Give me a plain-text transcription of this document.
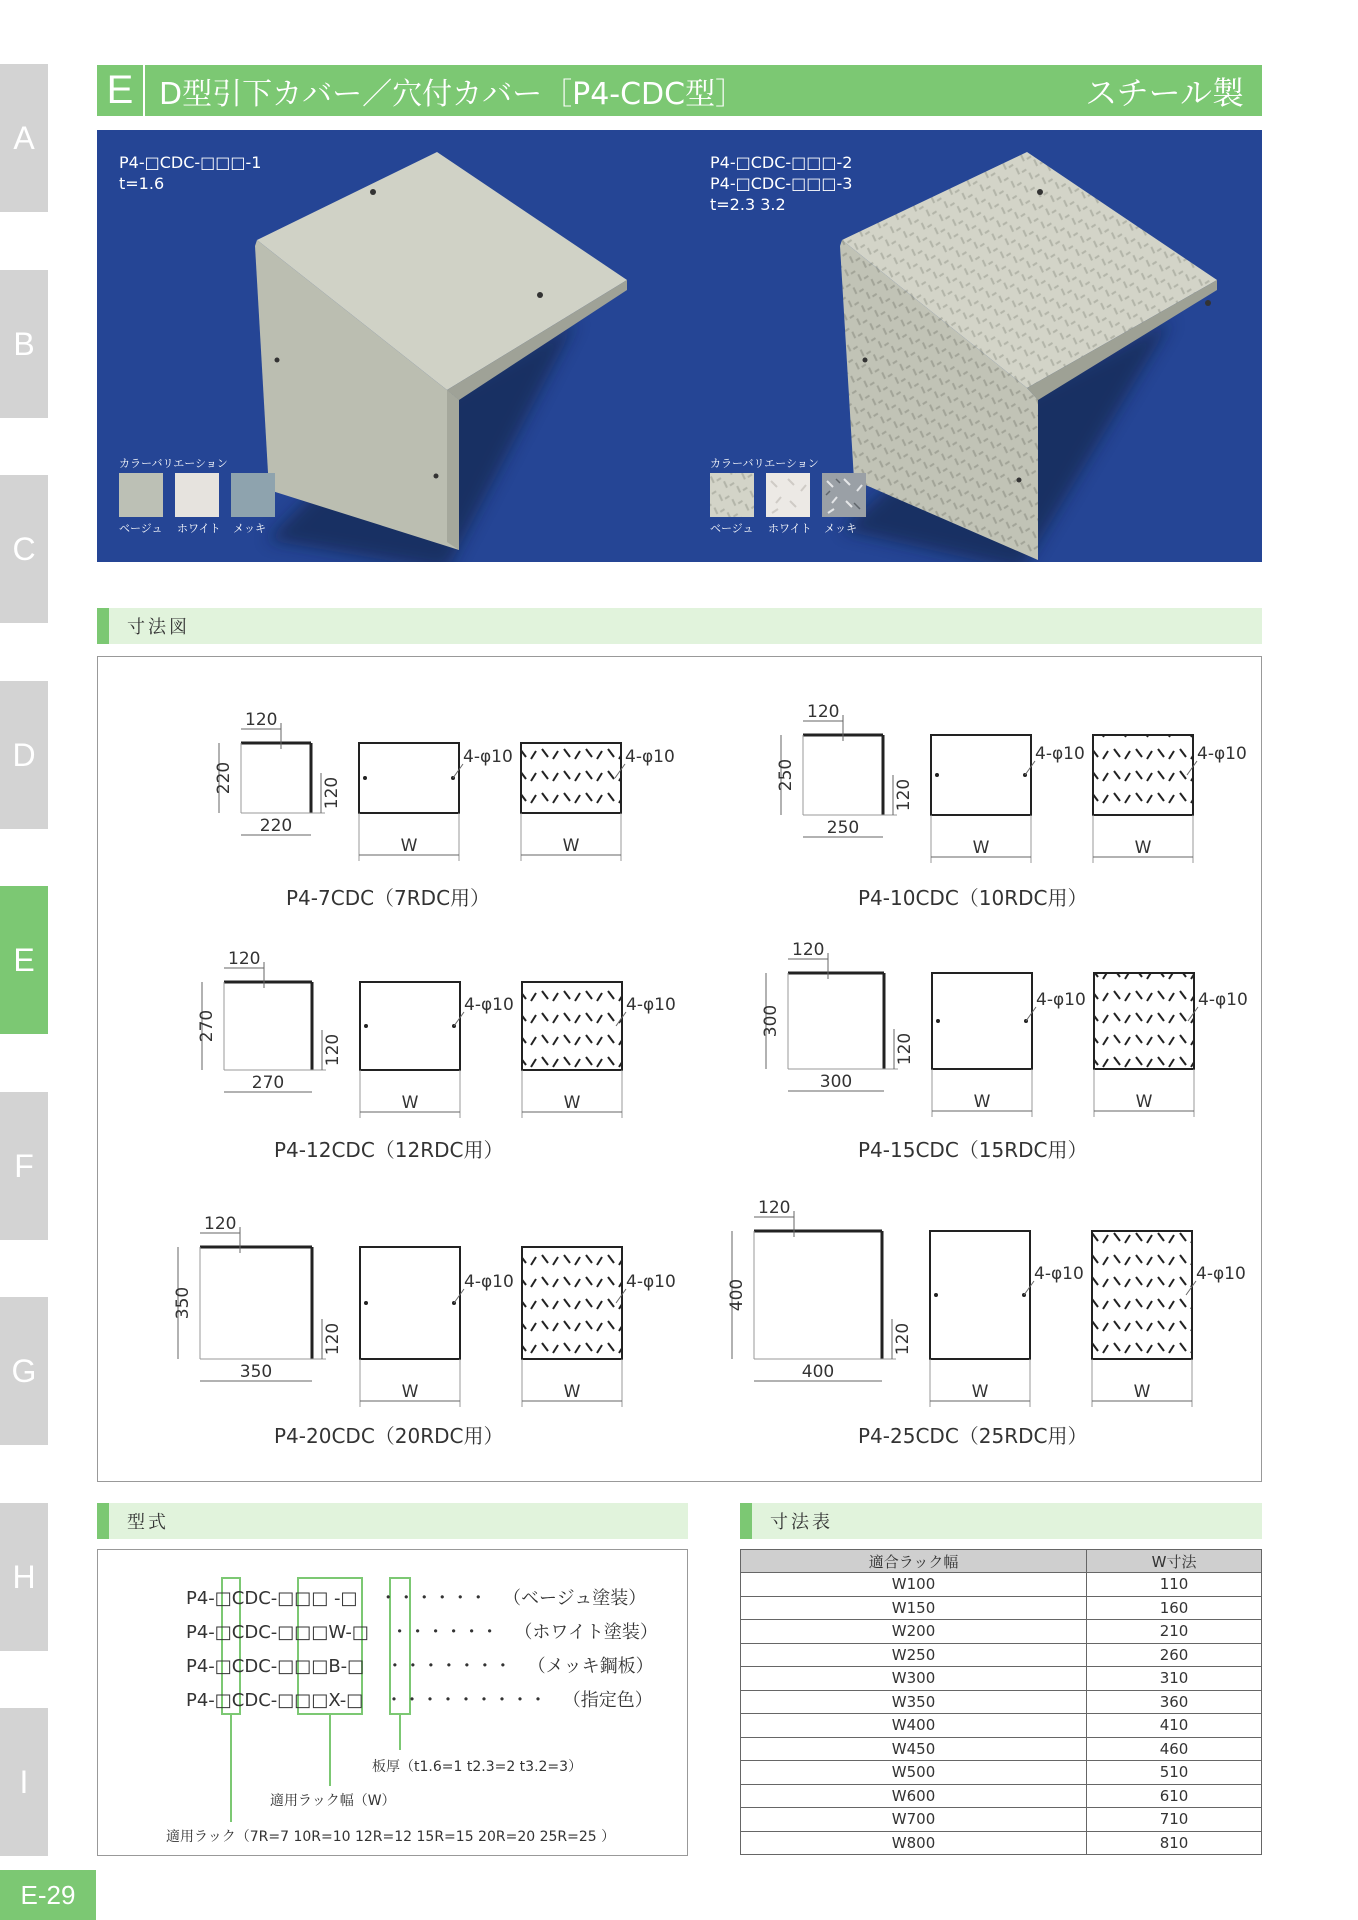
A
B
C
D
E
F
G
H
I
E-29
E D型引下カバー／穴付カバー［P4-CDC型］	スチール製
P4-□CDC-□□□-1
t=1.6
P4-□CDC-□□□-2
P4-□CDC-□□□-3
t=2.3 3.2
カラーバリエーション
ベージュ ホワイト メッキ
カラーバリエーション
ベージュ ホワイト メッキ
寸法図
220
220
120
120
4-φ10	4-φ10
W	W
250
250
120
120
4-φ10	4-φ10
W	W
270
270
120
120
4-φ10	4-φ10
W	W
300
300
120
120
4-φ10	4-φ10
W	W
350
350
120
120
4-φ10	4-φ10
W	W
400
400
120
120
4-φ10	4-φ10
W	W
P4-7CDC（7RDC用）	P4-10CDC（10RDC用）
P4-12CDC（12RDC用）	P4-15CDC（15RDC用）
P4-20CDC（20RDC用）	P4-25CDC（25RDC用）
型式
P4-□CDC-□□□ -□ ・・・・・・ （ベージュ塗装）
P4-□CDC-□□□W-□ ・・・・・・ （ホワイト塗装）
P4-□CDC-□□□B-□ ・・・・・・・ （メッキ鋼板）
P4-□CDC-□□□X-□ ・・・・・・・・・ （指定色）
板厚（t1.6=1 t2.3=2 t3.2=3）
適用ラック幅（W）
適用ラック（7R=7 10R=10 12R=12 15R=15 20R=20 25R=25 ）
寸法表
適合ラック幅	W寸法
W100	110
W150	160
W200	210
W250	260
W300	310
W350	360
W400	410
W450	460
W500	510
W600	610
W700	710
W800	810
